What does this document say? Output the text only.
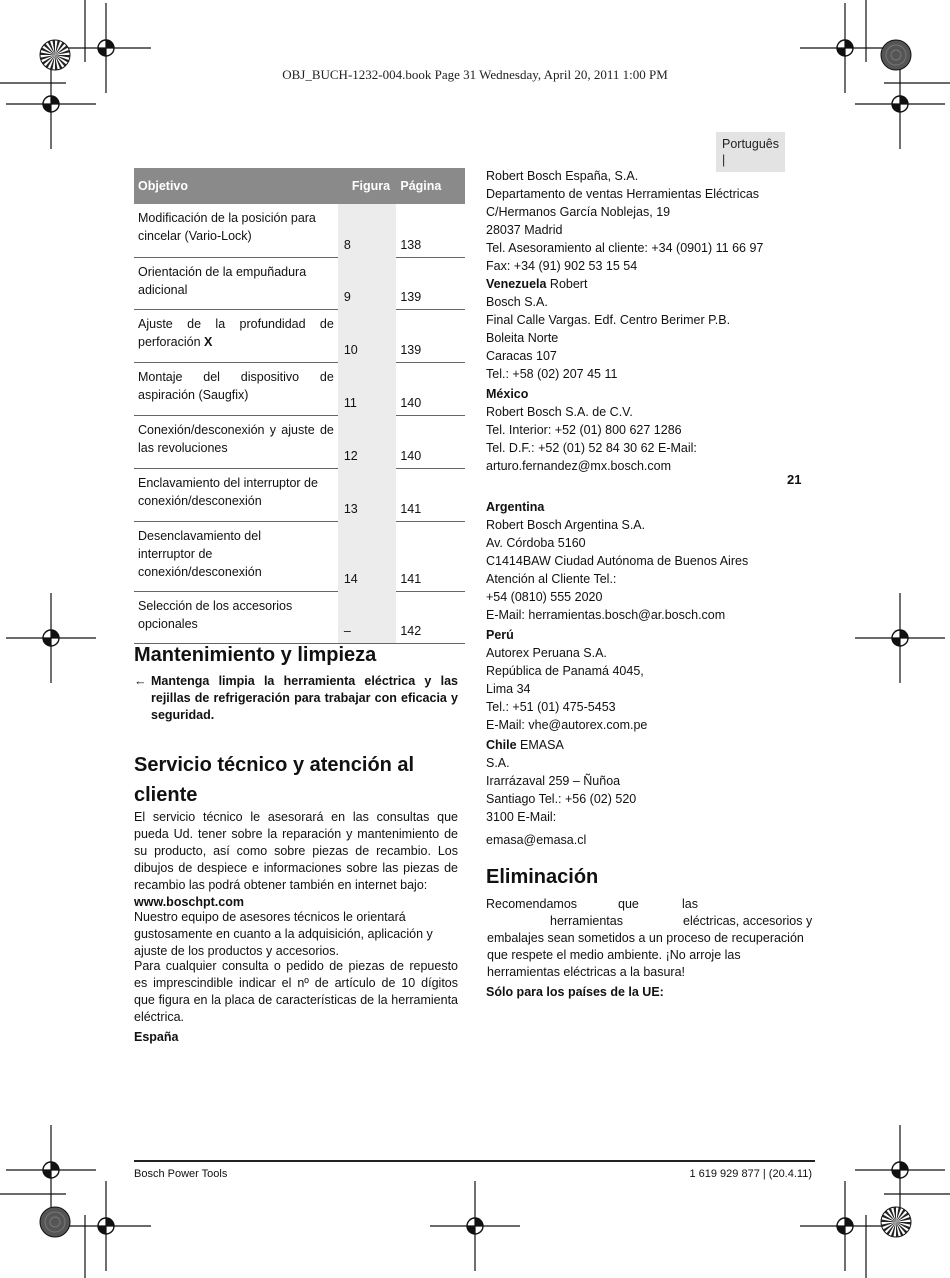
OBJ_BUCH-1232-004.book Page 31 Wednesday, April 20, 2011 1:00 PM
Português
|
Objetivo	Figura	Página
Modificación de la posición para cincelar (Vario-Lock)	8	138
Orientación de la empuñadura adicional	9	139
Ajuste de la profundidad de perforación X	10	139
Montaje del dispositivo de aspiración (Saugfix)	11	140
Conexión/desconexión y ajuste de las revoluciones	12	140
Enclavamiento del interruptor de conexión/desconexión	13	141
Desenclavamiento del interruptor de conexión/desconexión	14	141
Selección de los accesorios opcionales	–	142
Mantenimiento y limpieza
← Mantenga limpia la herramienta eléctrica y las rejillas de refrigeración para trabajar con eficacia y seguridad.
Servicio técnico y atención al
cliente
El servicio técnico le asesorará en las consultas que pueda Ud. tener sobre la reparación y mantenimiento de su producto, así como sobre piezas de recambio. Los dibujos de despiece e informaciones sobre las piezas de recambio las podrá obtener también en internet bajo:
www.boschpt.com
Nuestro equipo de asesores técnicos le orientará gustosamente en cuanto a la adquisición, aplicación y ajuste de los productos y accesorios.
Para cualquier consulta o pedido de piezas de repuesto es imprescindible indicar el nº de artículo de 10 dígitos que figura en la placa de características de la herramienta eléctrica.
España
Robert Bosch España, S.A.
Departamento de ventas Herramientas Eléctricas
C/Hermanos García Noblejas, 19
28037 Madrid
Tel. Asesoramiento al cliente: +34 (0901) 11 66 97
Fax: +34 (91) 902 53 15 54
Venezuela Robert
Bosch S.A.
Final Calle Vargas. Edf. Centro Berimer P.B.
Boleita Norte
Caracas 107
Tel.: +58 (02) 207 45 11
México
Robert Bosch S.A. de C.V.
Tel. Interior: +52 (01) 800 627 1286
Tel. D.F.: +52 (01) 52 84 30 62 E-Mail:
arturo.fernandez@mx.bosch.com
21
Argentina
Robert Bosch Argentina S.A.
Av. Córdoba 5160
C1414BAW Ciudad Autónoma de Buenos Aires
Atención al Cliente Tel.:
+54 (0810) 555 2020
E-Mail: herramientas.bosch@ar.bosch.com
Perú
Autorex Peruana S.A.
República de Panamá 4045,
Lima 34
Tel.: +51 (01) 475-5453
E-Mail: vhe@autorex.com.pe
Chile EMASA
S.A.
Irarrázaval 259 – Ñuñoa
Santiago Tel.: +56 (02) 520
3100 E-Mail:
emasa@emasa.cl
Eliminación
Recomendamos	que	las
herramientas	eléctricas, accesorios y
embalajes sean sometidos a un proceso de recuperación que respete el medio ambiente. ¡No arroje las herramientas eléctricas a la basura!
Sólo para los países de la UE:
Bosch Power Tools	1 619 929 877 | (20.4.11)
